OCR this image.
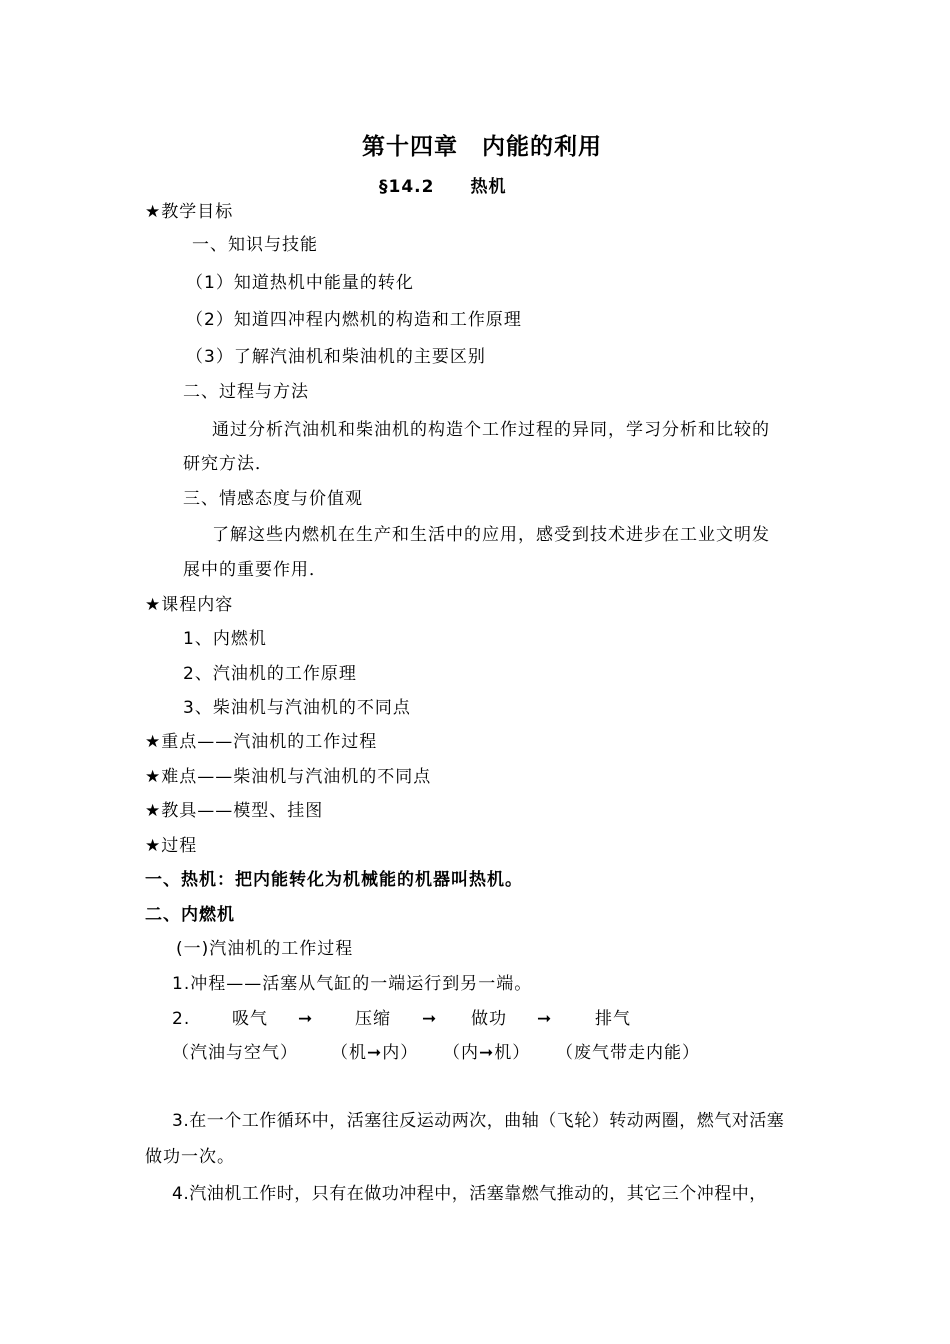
第十四章　内能的利用
§14.2　　热机
★教学目标
一、知识与技能
（1）知道热机中能量的转化
（2）知道四冲程内燃机的构造和工作原理
（3）了解汽油机和柴油机的主要区别
二、过程与方法
通过分析汽油机和柴油机的构造个工作过程的异同，学习分析和比较的
研究方法．
三、情感态度与价值观
了解这些内燃机在生产和生活中的应用，感受到技术进步在工业文明发
展中的重要作用．
★课程内容
1、内燃机
2、汽油机的工作原理
3、柴油机与汽油机的不同点
★重点——汽油机的工作过程
★难点——柴油机与汽油机的不同点
★教具——模型、挂图
★过程
一、热机：把内能转化为机械能的机器叫热机。
二、内燃机
(一)汽油机的工作过程
1.冲程——活塞从气缸的一端运行到另一端。
2. 吸气 ➞ 压缩 ➞ 做功 ➞	排气
（汽油与空气） （机➞内） （内➞机） （废气带走内能）
3.在一个工作循环中，活塞往反运动两次，曲轴（飞轮）转动两圈，燃气对活塞
做功一次。
4.汽油机工作时，只有在做功冲程中，活塞靠燃气推动的，其它三个冲程中，
